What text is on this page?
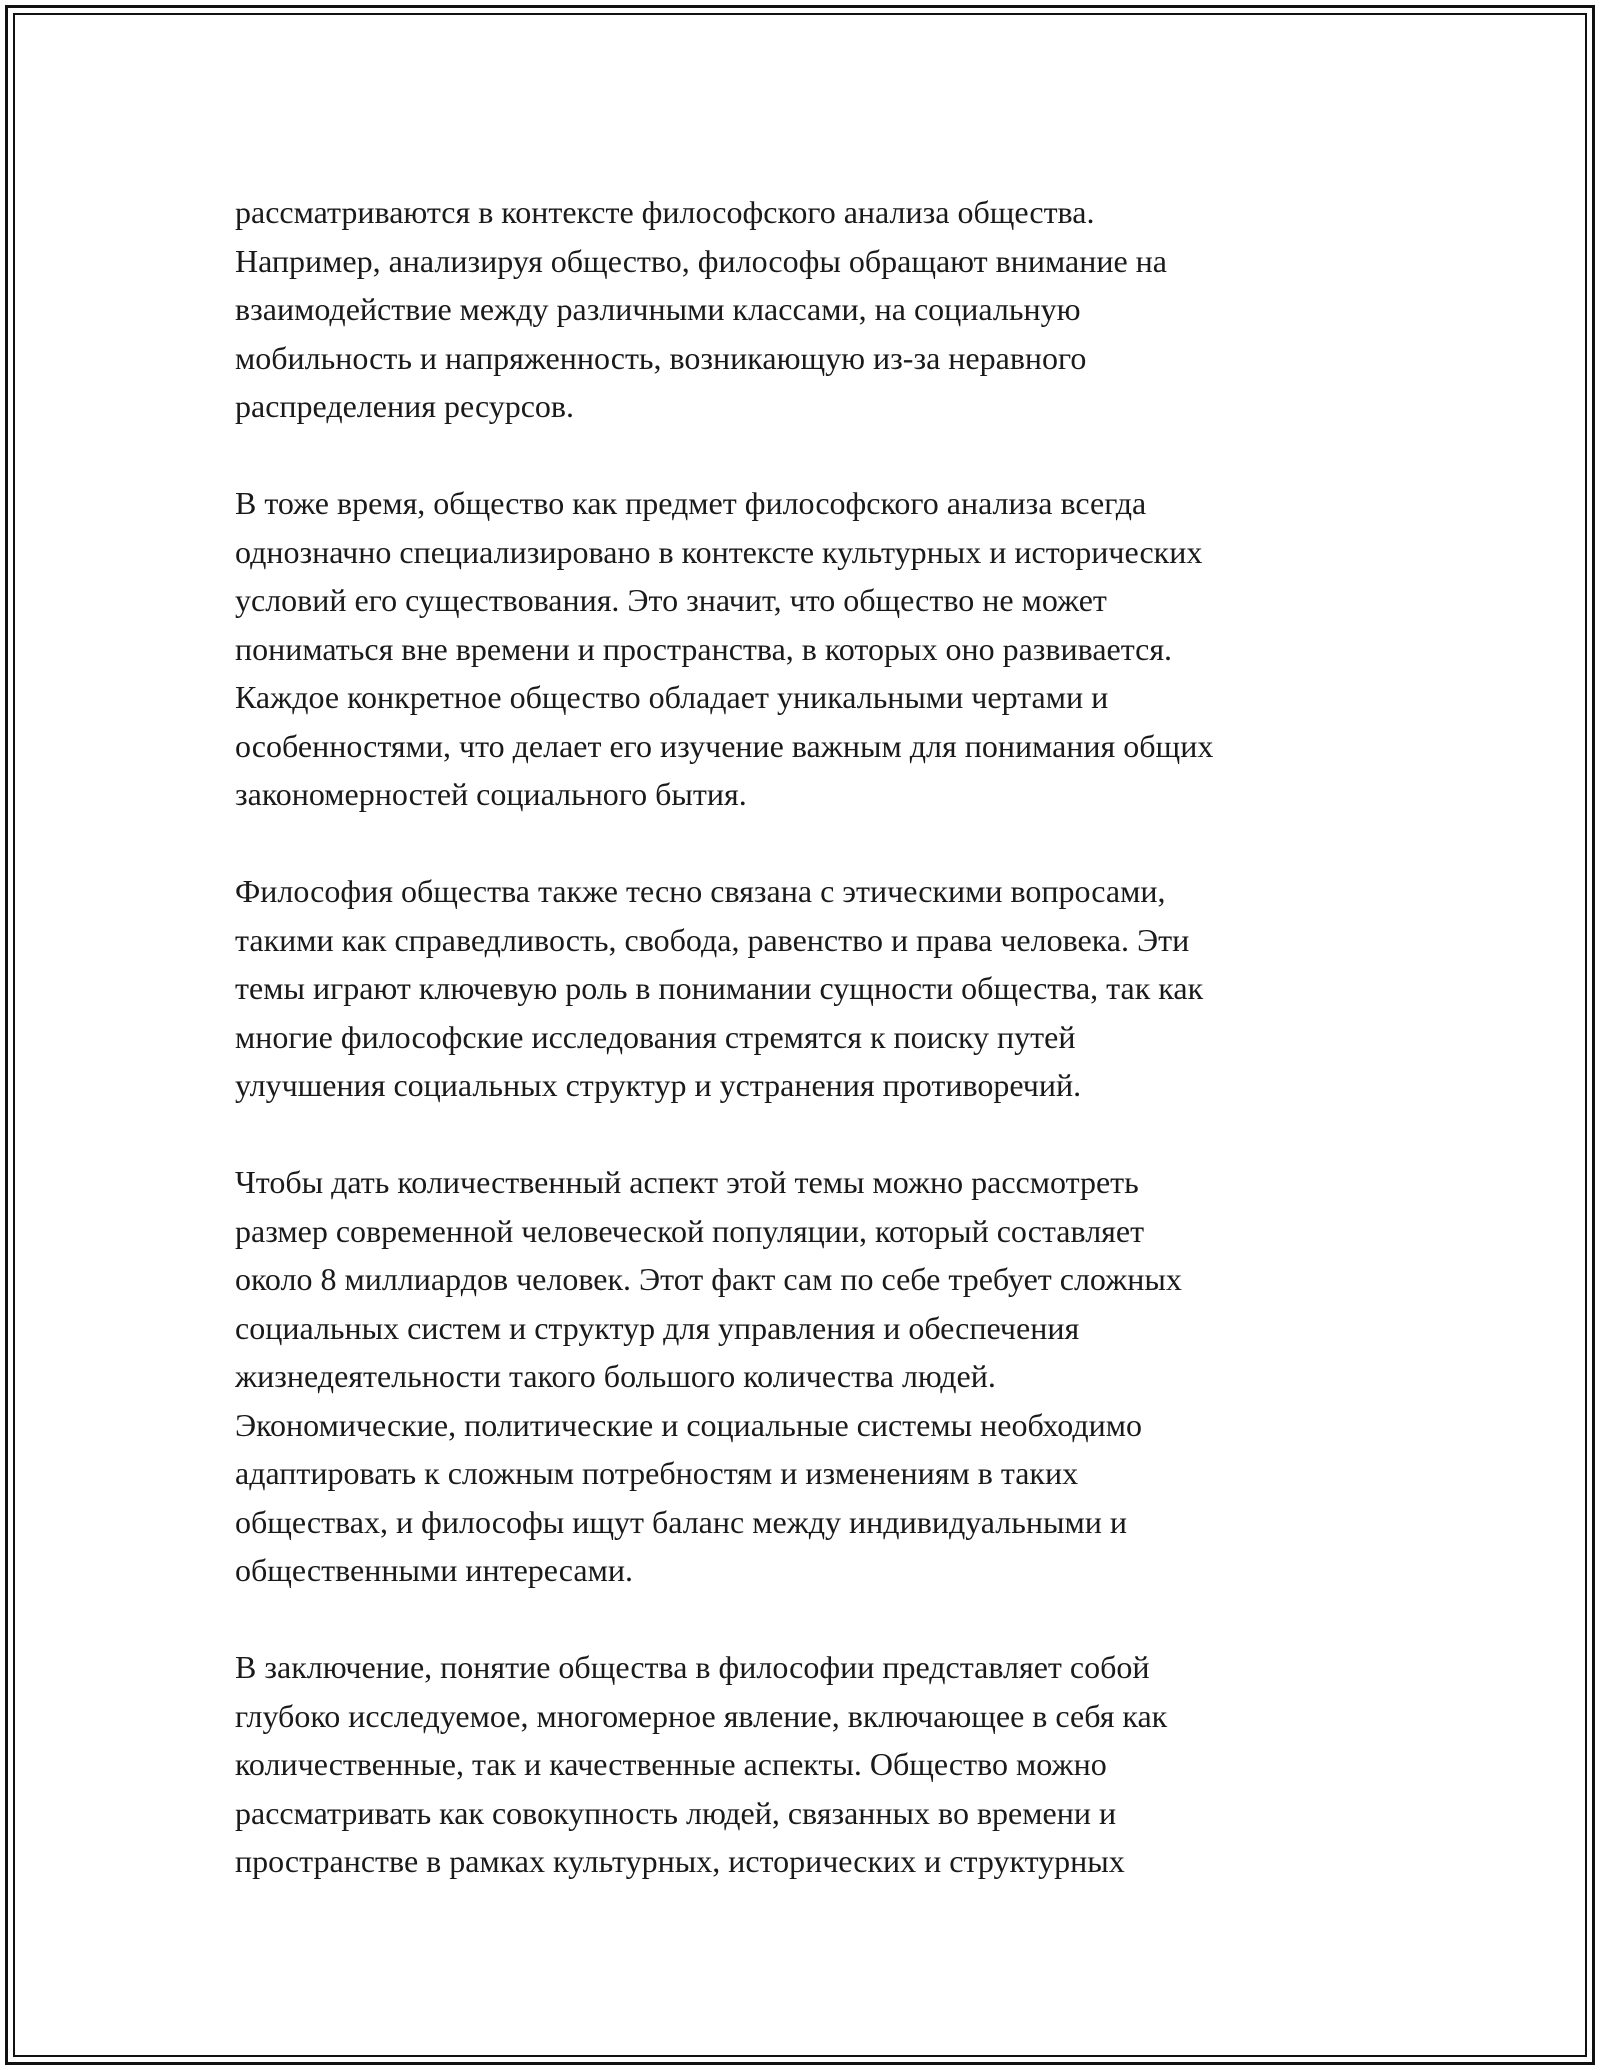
рассматриваются в контексте философского анализа общества.
Например, анализируя общество, философы обращают внимание на
взаимодействие между различными классами, на социальную
мобильность и напряженность, возникающую из-за неравного
распределения ресурсов.
В тоже время, общество как предмет философского анализа всегда
однозначно специализировано в контексте культурных и исторических
условий его существования. Это значит, что общество не может
пониматься вне времени и пространства, в которых оно развивается.
Каждое конкретное общество обладает уникальными чертами и
особенностями, что делает его изучение важным для понимания общих
закономерностей социального бытия.
Философия общества также тесно связана с этическими вопросами,
такими как справедливость, свобода, равенство и права человека. Эти
темы играют ключевую роль в понимании сущности общества, так как
многие философские исследования стремятся к поиску путей
улучшения социальных структур и устранения противоречий.
Чтобы дать количественный аспект этой темы можно рассмотреть
размер современной человеческой популяции, который составляет
около 8 миллиардов человек. Этот факт сам по себе требует сложных
социальных систем и структур для управления и обеспечения
жизнедеятельности такого большого количества людей.
Экономические, политические и социальные системы необходимо
адаптировать к сложным потребностям и изменениям в таких
обществах, и философы ищут баланс между индивидуальными и
общественными интересами.
В заключение, понятие общества в философии представляет собой
глубоко исследуемое, многомерное явление, включающее в себя как
количественные, так и качественные аспекты. Общество можно
рассматривать как совокупность людей, связанных во времени и
пространстве в рамках культурных, исторических и структурных
